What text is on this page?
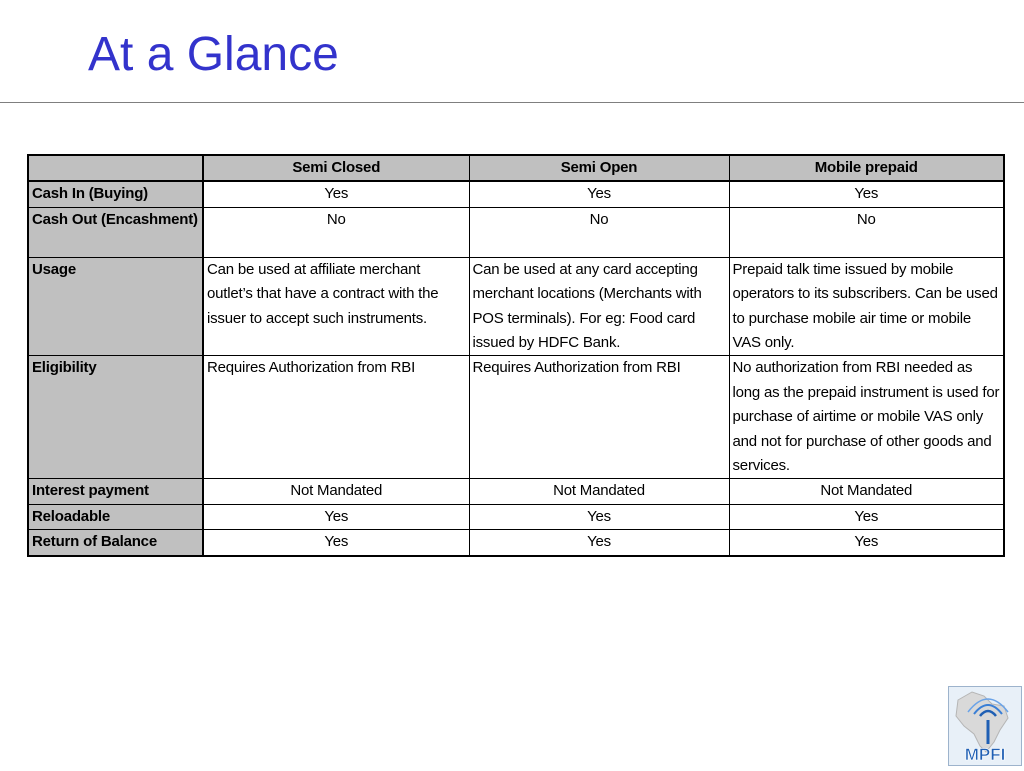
At a Glance
	Semi Closed	Semi Open	Mobile prepaid
Cash In (Buying)	Yes	Yes	Yes
Cash Out (Encashment)	No	No	No
Usage	Can be used at affiliate merchant outlet’s that have a contract with the issuer to accept such instruments.	Can be used at any card accepting merchant locations (Merchants with POS terminals). For eg: Food card issued by HDFC Bank.	Prepaid talk time issued by mobile operators to its subscribers. Can be used to purchase mobile air time or mobile VAS only.
Eligibility	Requires Authorization from RBI	Requires Authorization from RBI	No authorization from RBI needed as long as the prepaid instrument is used for purchase of airtime or mobile VAS only and not for purchase of other goods and services.
Interest payment	Not Mandated	Not Mandated	Not Mandated
Reloadable	Yes	Yes	Yes
Return of Balance	Yes	Yes	Yes
MPFI
